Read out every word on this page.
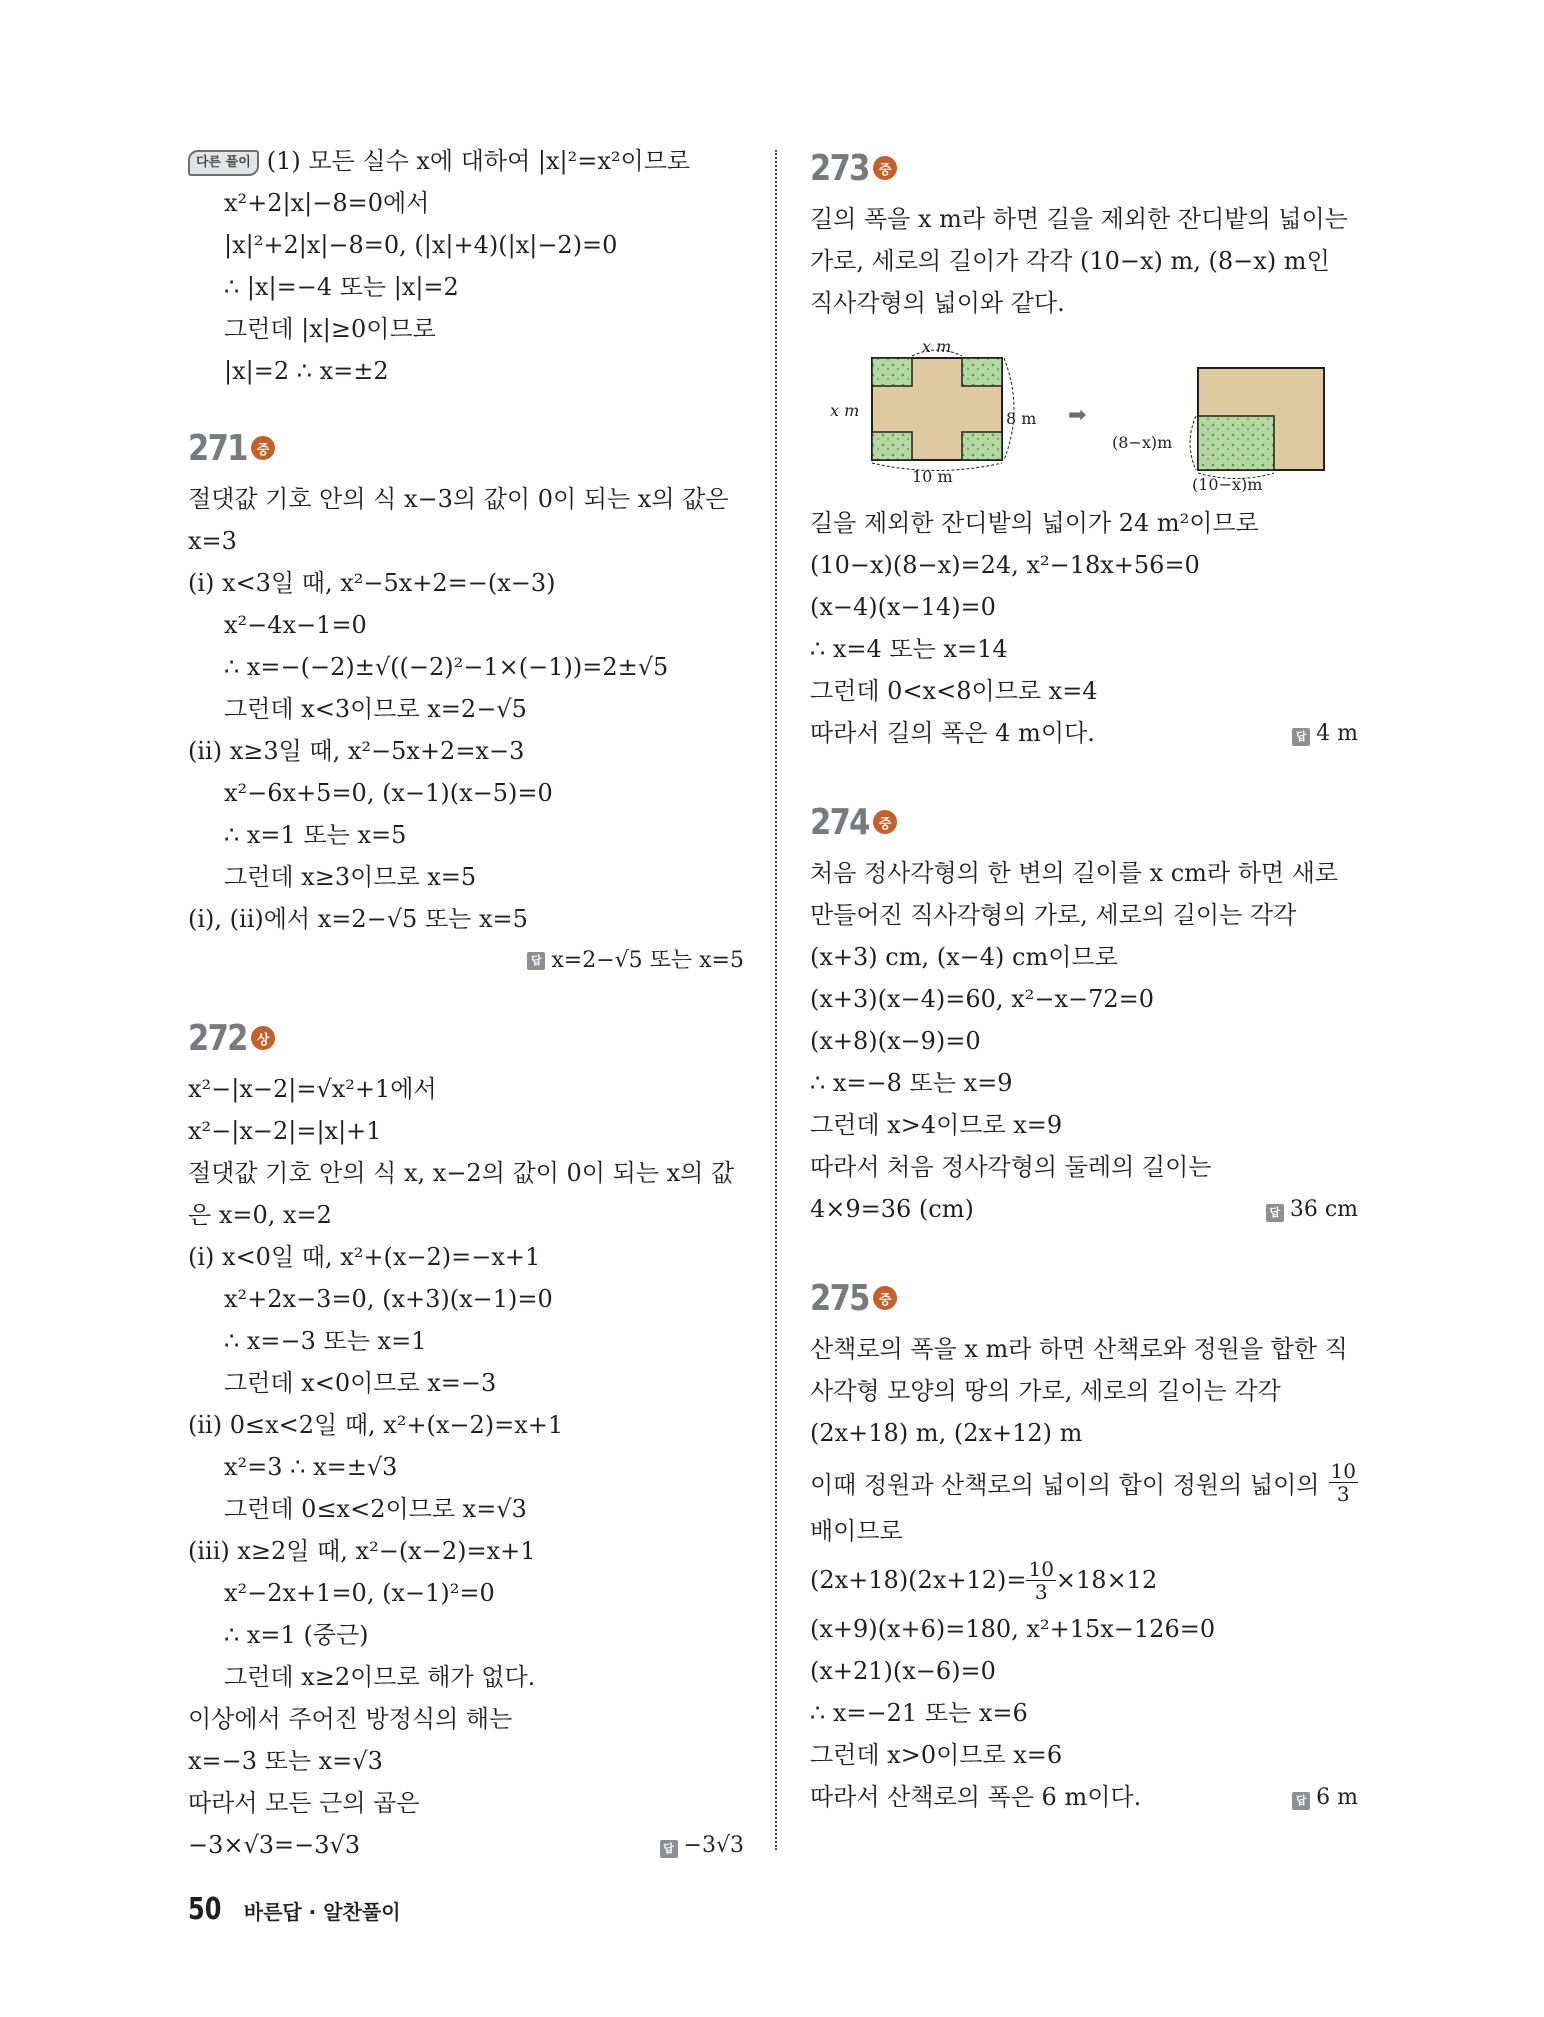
다른 풀이 (1) 모든 실수 x에 대하여 |x|²=x²이므로
x²+2|x|−8=0에서
|x|²+2|x|−8=0, (|x|+4)(|x|−2)=0
∴ |x|=−4 또는 |x|=2
그런데 |x|≥0이므로
|x|=2 ∴ x=±2
271 중
절댓값 기호 안의 식 x−3의 값이 0이 되는 x의 값은
x=3
(i) x<3일 때, x²−5x+2=−(x−3)
x²−4x−1=0
∴ x=−(−2)±√((−2)²−1×(−1))=2±√5
그런데 x<3이므로 x=2−√5
(ii) x≥3일 때, x²−5x+2=x−3
x²−6x+5=0, (x−1)(x−5)=0
∴ x=1 또는 x=5
그런데 x≥3이므로 x=5
(i), (ii)에서 x=2−√5 또는 x=5
답 x=2−√5 또는 x=5
272 상
x²−|x−2|=√x²+1에서
x²−|x−2|=|x|+1
절댓값 기호 안의 식 x, x−2의 값이 0이 되는 x의 값
은 x=0, x=2
(i) x<0일 때, x²+(x−2)=−x+1
x²+2x−3=0, (x+3)(x−1)=0
∴ x=−3 또는 x=1
그런데 x<0이므로 x=−3
(ii) 0≤x<2일 때, x²+(x−2)=x+1
x²=3 ∴ x=±√3
그런데 0≤x<2이므로 x=√3
(iii) x≥2일 때, x²−(x−2)=x+1
x²−2x+1=0, (x−1)²=0
∴ x=1 (중근)
그런데 x≥2이므로 해가 없다.
이상에서 주어진 방정식의 해는
x=−3 또는 x=√3
따라서 모든 근의 곱은
−3×√3=−3√3	답 −3√3
273 중
길의 폭을 x m라 하면 길을 제외한 잔디밭의 넓이는 가로, 세로의 길이가 각각 (10−x) m, (8−x) m인 직사각형의 넓이와 같다.
x m
x m	8 m
10 m
➡
(8−x)m
(10−x)m
길을 제외한 잔디밭의 넓이가 24 m²이므로
(10−x)(8−x)=24, x²−18x+56=0
(x−4)(x−14)=0
∴ x=4 또는 x=14
그런데 0<x<8이므로 x=4
따라서 길의 폭은 4 m이다.	답 4 m
274 중
처음 정사각형의 한 변의 길이를 x cm라 하면 새로 만들어진 직사각형의 가로, 세로의 길이는 각각
(x+3) cm, (x−4) cm이므로
(x+3)(x−4)=60, x²−x−72=0
(x+8)(x−9)=0
∴ x=−8 또는 x=9
그런데 x>4이므로 x=9
따라서 처음 정사각형의 둘레의 길이는
4×9=36 (cm)	답 36 cm
275 중
산책로의 폭을 x m라 하면 산책로와 정원을 합한 직사각형 모양의 땅의 가로, 세로의 길이는 각각
(2x+18) m, (2x+12) m
이때 정원과 산책로의 넓이의 합이 정원의 넓이의 $\frac{10}{3}$
배이므로
$(2x+18)(2x+12)= \frac{10}{3} \times 18\times 12$
(x+9)(x+6)=180, x²+15x−126=0
(x+21)(x−6)=0
∴ x=−21 또는 x=6
그런데 x>0이므로 x=6
따라서 산책로의 폭은 6 m이다.	답 6 m
50 바른답 · 알찬풀이
